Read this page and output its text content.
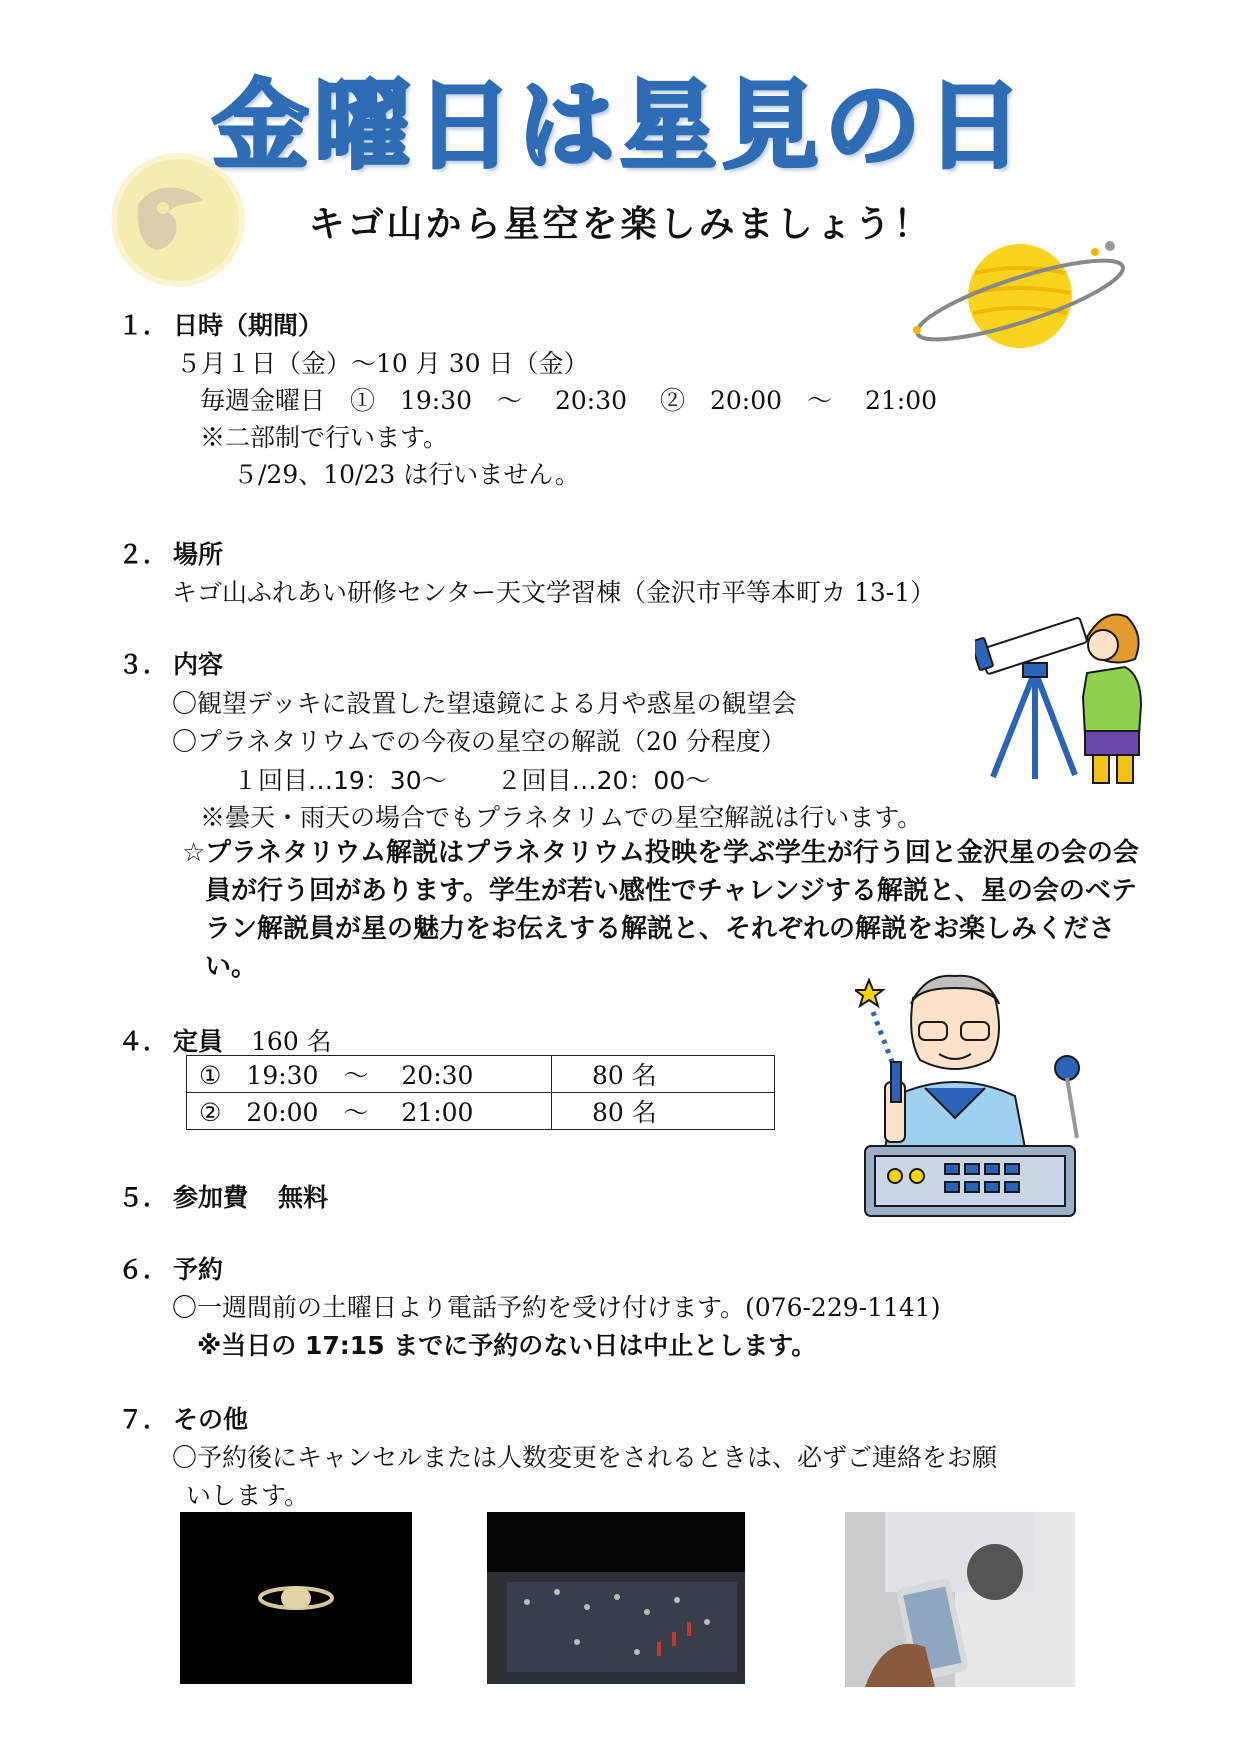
金曜日は星見の日
キゴ山から星空を楽しみましょう！
１． 日時（期間）
５月１日（金）～10 月 30 日（金）
毎週金曜日　①　19:30　～　 20:30　 ②　20:00　～　 21:00
※二部制で行います。
５/29、10/23 は行いません。
２． 場所
キゴ山ふれあい研修センター天文学習棟（金沢市平等本町カ 13-1）
３． 内容
〇観望デッキに設置した望遠鏡による月や惑星の観望会
〇プラネタリウムでの今夜の星空の解説（20 分程度）
１回目…19：30～　　２回目…20：00～
※曇天・雨天の場合でもプラネタリムでの星空解説は行います。
☆ プラネタリウム解説はプラネタリウム投映を学ぶ学生が行う回と金沢星の会の会員が行う回があります。学生が若い感性でチャレンジする解説と、星の会のベテラン解説員が星の魅力をお伝えする解説と、それぞれの解説をお楽しみください。
４． 定員 160 名
①　19:30　～　 20:30	80 名
②　20:00　～　 21:00	80 名
５． 参加費 無料
６． 予約
〇一週間前の土曜日より電話予約を受け付けます。(076-229-1141)
※当日の 17:15 までに予約のない日は中止とします。
７． その他
〇予約後にキャンセルまたは人数変更をされるときは、必ずご連絡をお願
いします。
